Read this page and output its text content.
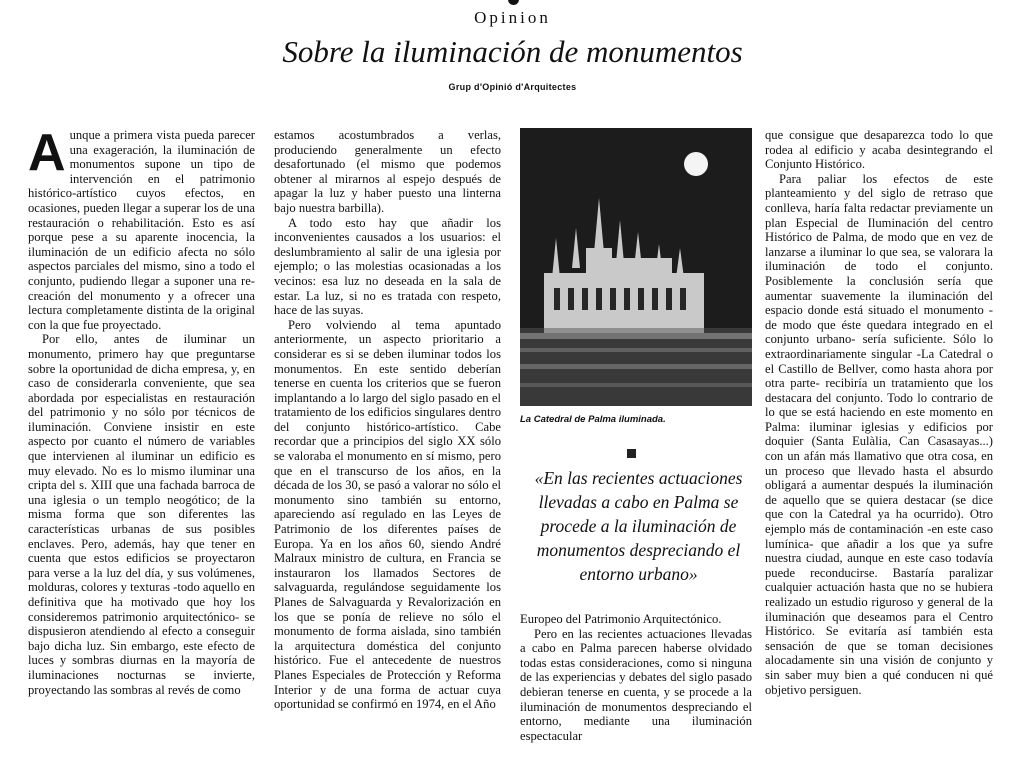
Opinion
Sobre la iluminación de monumentos
Grup d'Opinió d'Arquitectes

Aunque a primera vista pueda parecer una exageración, la iluminación de monumentos supone un tipo de intervención en el patrimonio histórico-artístico cuyos efectos, en ocasiones, pueden llegar a superar los de una restauración o rehabilitación. Esto es así porque pese a su aparente inocencia, la iluminación de un edificio afecta no sólo aspectos parciales del mismo, sino a todo el conjunto, pudiendo llegar a suponer una re-creación del monumento y a ofrecer una lectura completamente distinta de la original con la que fue proyectado.

Por ello, antes de iluminar un monumento, primero hay que preguntarse sobre la oportunidad de dicha empresa, y, en caso de considerarla conveniente, que sea abordada por especialistas en restauración del patrimonio y no sólo por técnicos de iluminación. Conviene insistir en este aspecto por cuanto el número de variables que intervienen al iluminar un edificio es muy elevado. No es lo mismo iluminar una cripta del s. XIII que una fachada barroca de una iglesia o un templo neogótico; de la misma forma que son diferentes las características urbanas de sus posibles enclaves. Pero, además, hay que tener en cuenta que estos edificios se proyectaron para verse a la luz del día, y sus volúmenes, molduras, colores y texturas -todo aquello en definitiva que ha motivado que hoy los consideremos patrimonio arquitectónico- se dispusieron atendiendo al efecto a conseguir bajo dicha luz. Sin embargo, este efecto de luces y sombras diurnas en la mayoría de iluminaciones nocturnas se invierte, proyectando las sombras al revés de como

estamos acostumbrados a verlas, produciendo generalmente un efecto desafortunado (el mismo que podemos obtener al mirarnos al espejo después de apagar la luz y haber puesto una linterna bajo nuestra barbilla).

A todo esto hay que añadir los inconvenientes causados a los usuarios: el deslumbramiento al salir de una iglesia por ejemplo; o las molestias ocasionadas a los vecinos: esa luz no deseada en la sala de estar. La luz, si no es tratada con respeto, hace de las suyas.

Pero volviendo al tema apuntado anteriormente, un aspecto prioritario a considerar es si se deben iluminar todos los monumentos. En este sentido deberían tenerse en cuenta los criterios que se fueron implantando a lo largo del siglo pasado en el tratamiento de los edificios singulares dentro del conjunto histórico-artístico. Cabe recordar que a principios del siglo XX sólo se valoraba el monumento en sí mismo, pero que en el transcurso de los años, en la década de los 30, se pasó a valorar no sólo el monumento sino también su entorno, apareciendo así regulado en las Leyes de Patrimonio de los diferentes países de Europa. Ya en los años 60, siendo André Malraux ministro de cultura, en Francia se instauraron los llamados Sectores de salvaguarda, regulándose seguidamente los Planes de Salvaguarda y Revalorización en los que se ponía de relieve no sólo el monumento de forma aislada, sino también la arquitectura doméstica del conjunto histórico. Fue el antecedente de nuestros Planes Especiales de Protección y Reforma Interior y de una forma de actuar cuya oportunidad se confirmó en 1974, en el Año

La Catedral de Palma iluminada.
«En las recientes actuaciones llevadas a cabo en Palma se procede a la iluminación de monumentos despreciando el entorno urbano»

Europeo del Patrimonio Arquitectónico.

Pero en las recientes actuaciones llevadas a cabo en Palma parecen haberse olvidado todas estas consideraciones, como si ninguna de las experiencias y debates del siglo pasado debieran tenerse en cuenta, y se procede a la iluminación de monumentos despreciando el entorno, mediante una iluminación espectacular

que consigue que desaparezca todo lo que rodea al edificio y acaba desintegrando el Conjunto Histórico.

Para paliar los efectos de este planteamiento y del siglo de retraso que conlleva, haría falta redactar previamente un plan Especial de Iluminación del centro Histórico de Palma, de modo que en vez de lanzarse a iluminar lo que sea, se valorara la iluminación de todo el conjunto. Posiblemente la conclusión sería que aumentar suavemente la iluminación del espacio donde está situado el monumento -de modo que éste quedara integrado en el conjunto urbano- sería suficiente. Sólo lo extraordinariamente singular -La Catedral o el Castillo de Bellver, como hasta ahora por otra parte- recibiría un tratamiento que los destacara del conjunto. Todo lo contrario de lo que se está haciendo en este momento en Palma: iluminar iglesias y edificios por doquier (Santa Eulàlia, Can Casasayas...) con un afán más llamativo que otra cosa, en un proceso que llevado hasta el absurdo obligará a aumentar después la iluminación de aquello que se quiera destacar (se dice que con la Catedral ya ha ocurrido). Otro ejemplo más de contaminación -en este caso lumínica- que añadir a los que ya sufre nuestra ciudad, aunque en este caso todavía puede reconducirse. Bastaría paralizar cualquier actuación hasta que no se hubiera realizado un estudio riguroso y general de la iluminación que deseamos para el Centro Histórico. Se evitaría así también esta sensación de que se toman decisiones alocadamente sin una visión de conjunto y sin saber muy bien a qué conducen ni qué objetivo persiguen.
